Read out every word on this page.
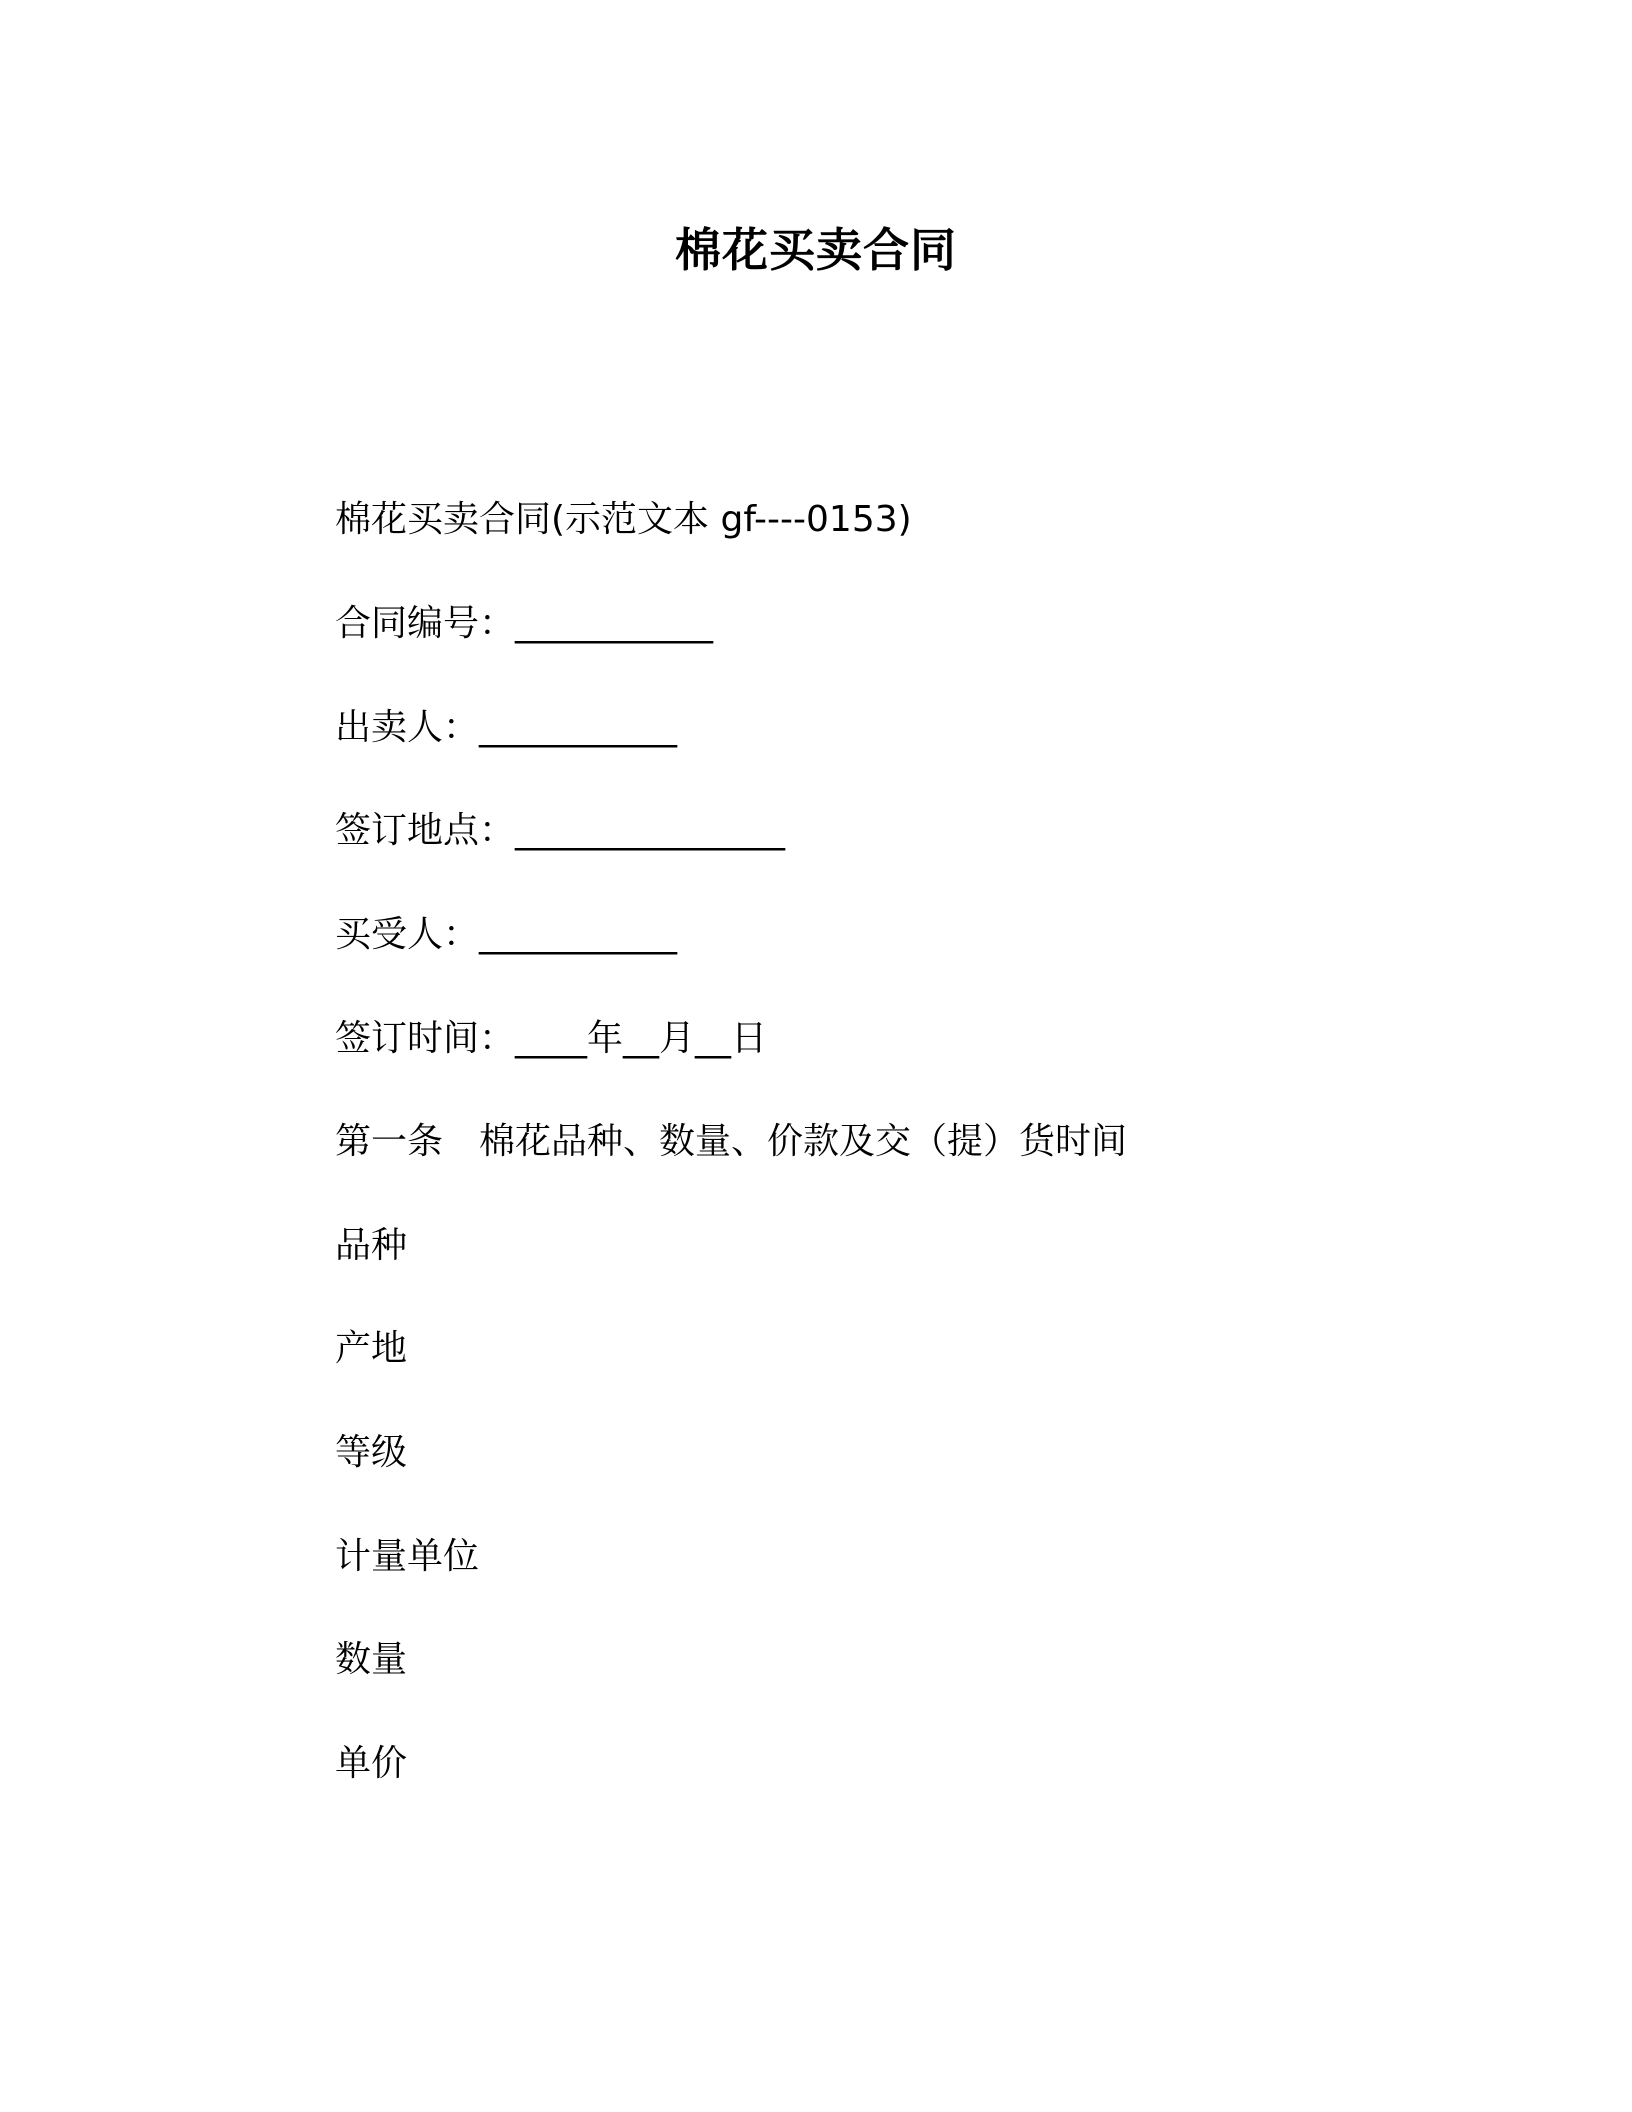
棉花买卖合同
棉花买卖合同(示范文本 gf----0153)
合同编号：___________
出卖人：___________
签订地点：_______________
买受人：___________
签订时间：____年__月__日
第一条　棉花品种、数量、价款及交（提）货时间
品种
产地
等级
计量单位
数量
单价
